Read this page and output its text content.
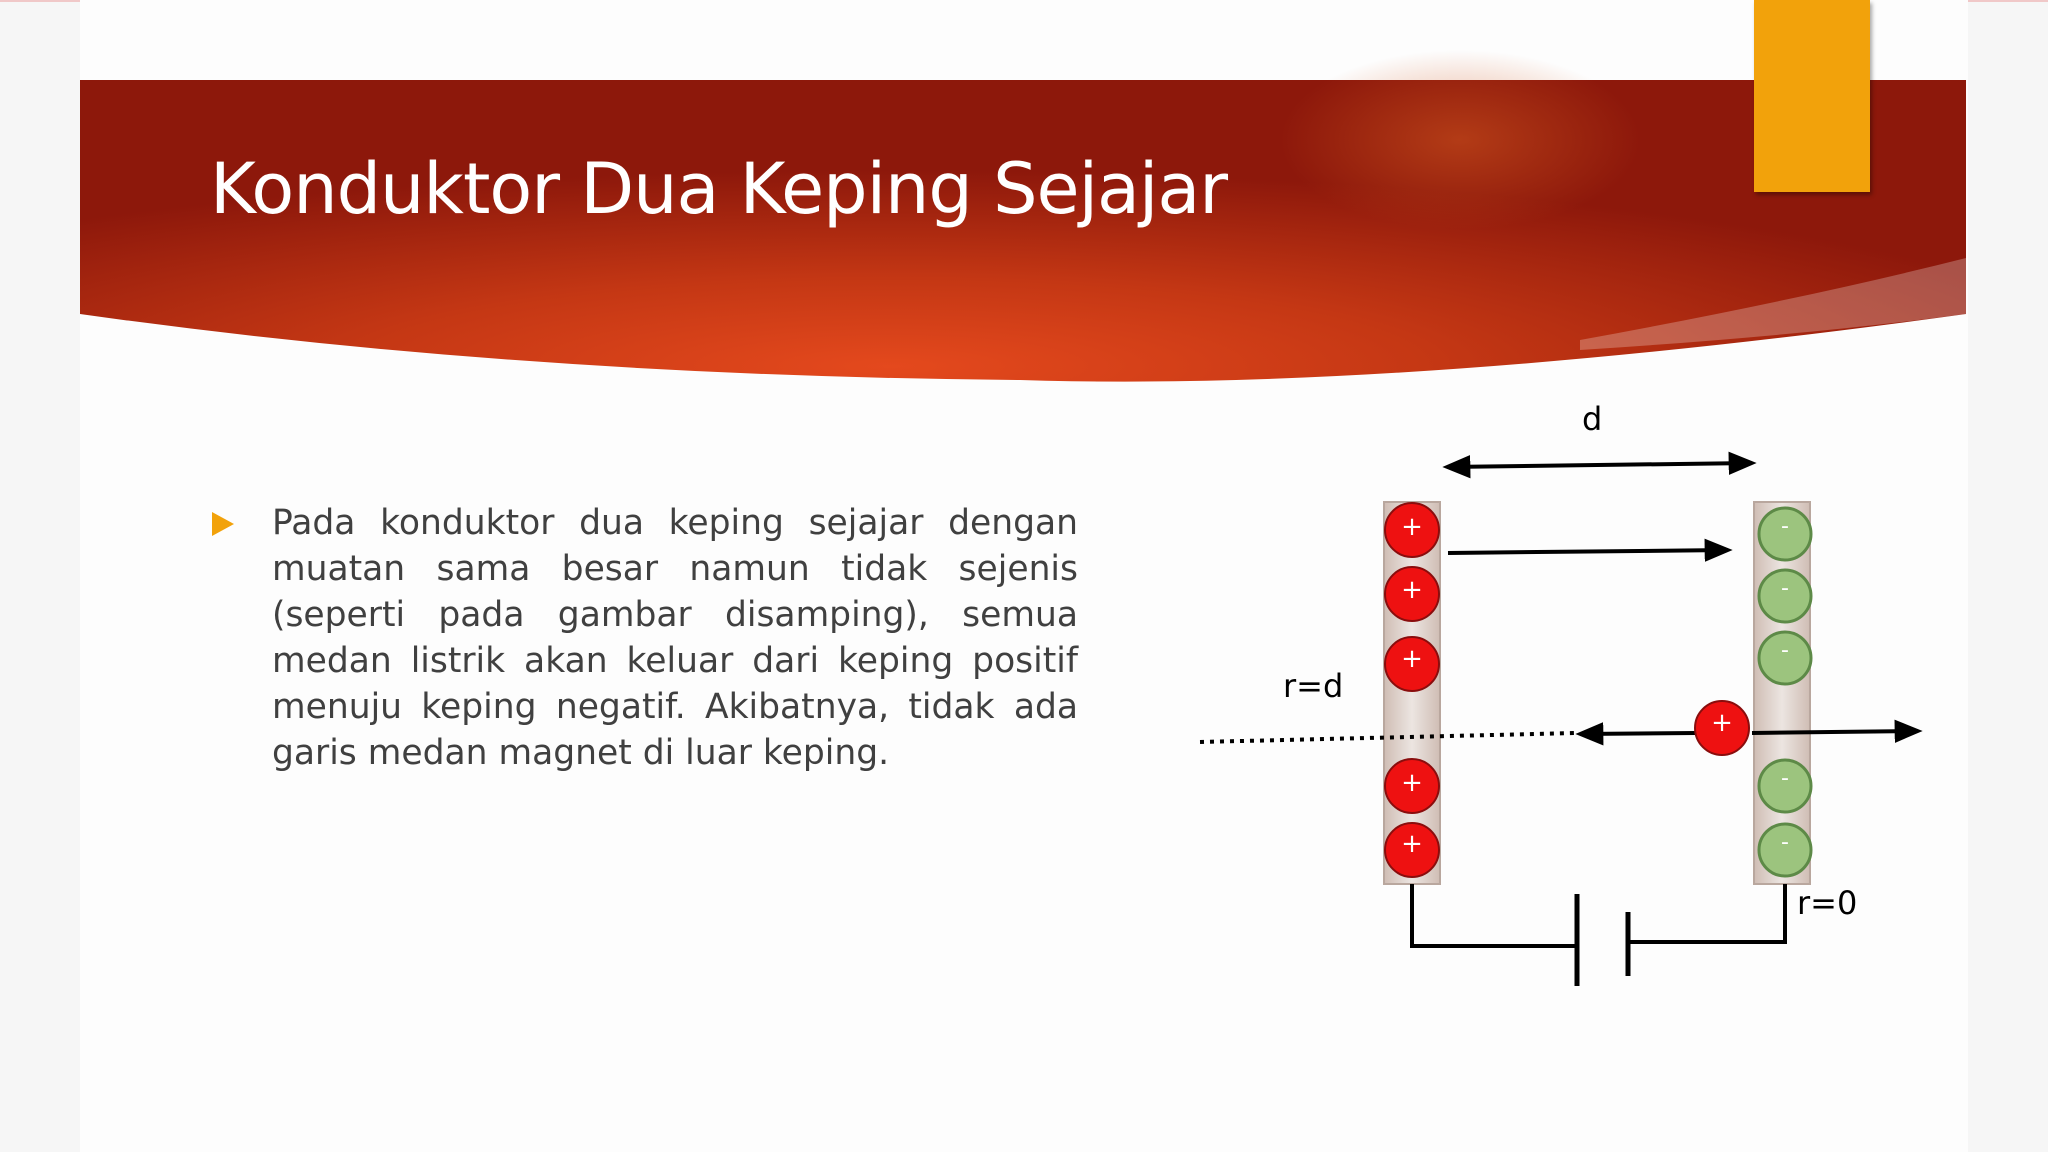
Konduktor Dua Keping Sejajar

Pada konduktor dua keping sejajar dengan muatan sama besar namun tidak sejenis (seperti pada gambar disamping), semua medan listrik akan keluar dari keping positif menuju keping negatif. Akibatnya, tidak ada garis medan magnet di luar keping.

d
+
+
+
+
+
-
-
-
-
-
+
r=d
r=0
